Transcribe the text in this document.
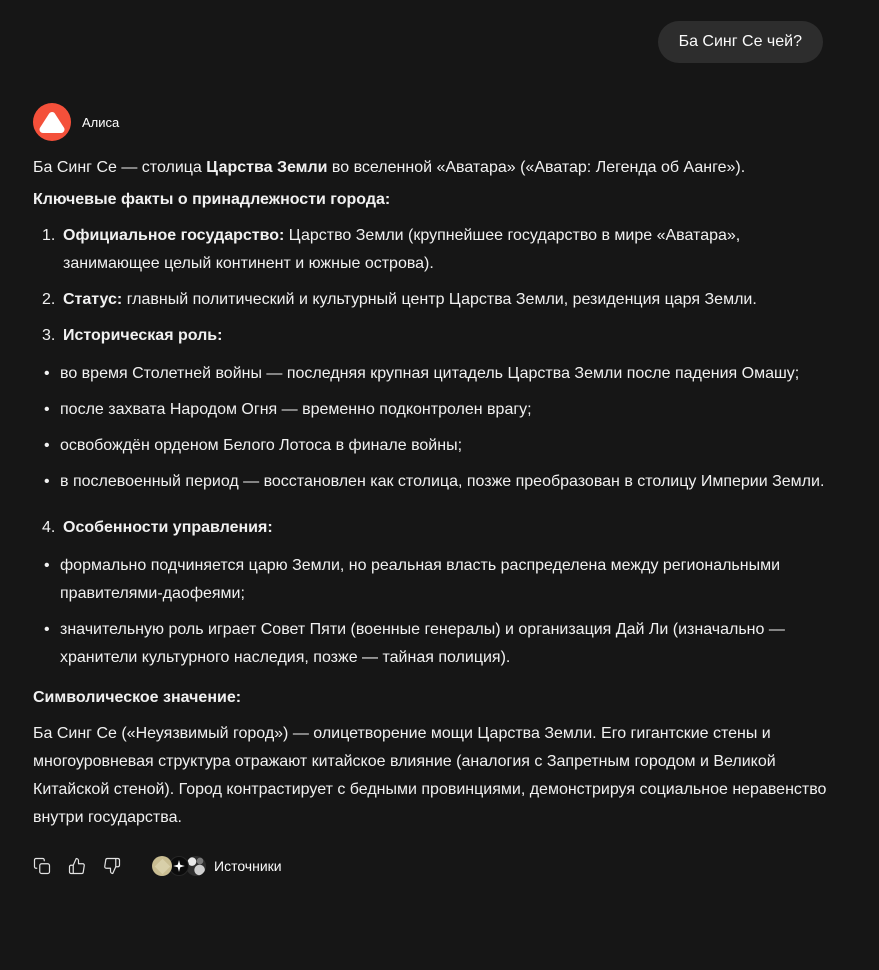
Ба Синг Се чей?
Алиса

Ба Синг Се — столица Царства Земли во вселенной «Аватара» («Аватар: Легенда об Аанге»).

Ключевые факты о принадлежности города:

1. Официальное государство: Царство Земли (крупнейшее государство в мире «Аватара», занимающее целый континент и южные острова).
2. Статус: главный политический и культурный центр Царства Земли, резиденция царя Земли.
3. Историческая роль:
• во время Столетней войны — последняя крупная цитадель Царства Земли после падения Омашу;
• после захвата Народом Огня — временно подконтролен врагу;
• освобождён орденом Белого Лотоса в финале войны;
• в послевоенный период — восстановлен как столица, позже преобразован в столицу Империи Земли.
4. Особенности управления:
• формально подчиняется царю Земли, но реальная власть распределена между региональными правителями-даофеями;
• значительную роль играет Совет Пяти (военные генералы) и организация Дай Ли (изначально — хранители культурного наследия, позже — тайная полиция).

Символическое значение:

Ба Синг Се («Неуязвимый город») — олицетворение мощи Царства Земли. Его гигантские стены и многоуровневая структура отражают китайское влияние (аналогия с Запретным городом и Великой Китайской стеной). Город контрастирует с бедными провинциями, демонстрируя социальное неравенство внутри государства.

Источники
